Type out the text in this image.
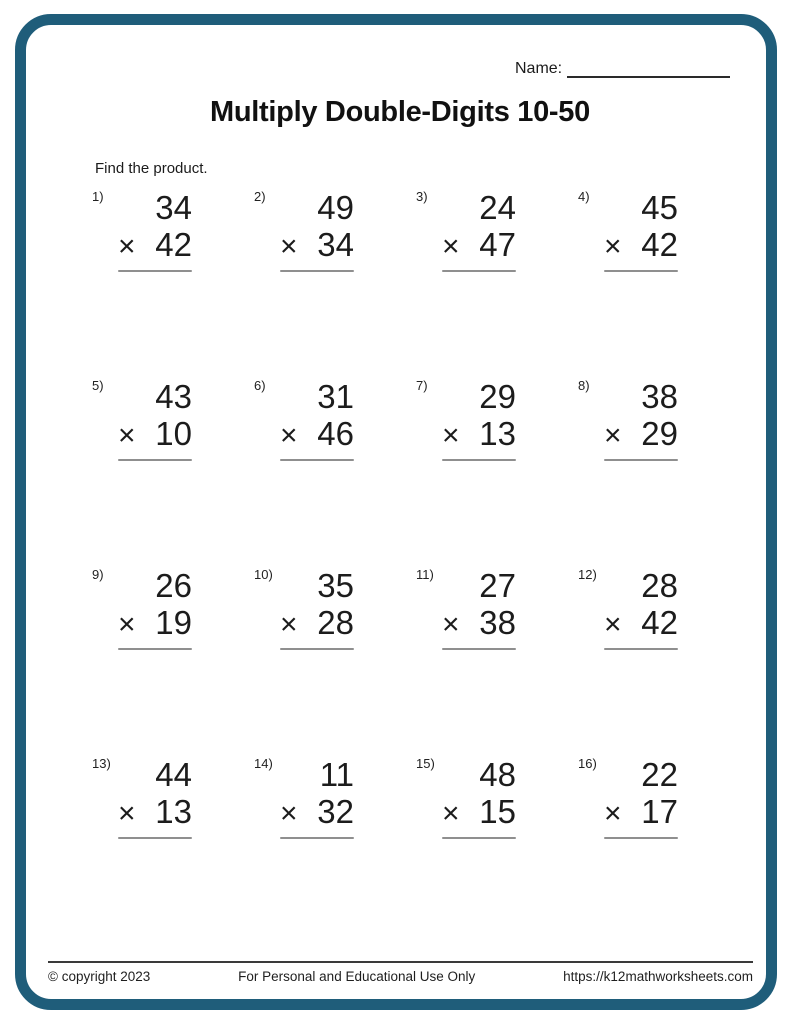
Name:
Multiply Double-Digits 10-50
Find the product.
1)	34
× 42
2)	49
× 34
3)	24
× 47
4)	45
× 42
5)	43
× 10
6)	31
× 46
7)	29
× 13
8)	38
× 29
9)	26
× 19
10)	35
× 28
11)	27
× 38
12)	28
× 42
13)	44
× 13
14)	11
× 32
15)	48
× 15
16)	22
× 17
© copyright 2023	For Personal and Educational Use Only	https://k12mathworksheets.com
